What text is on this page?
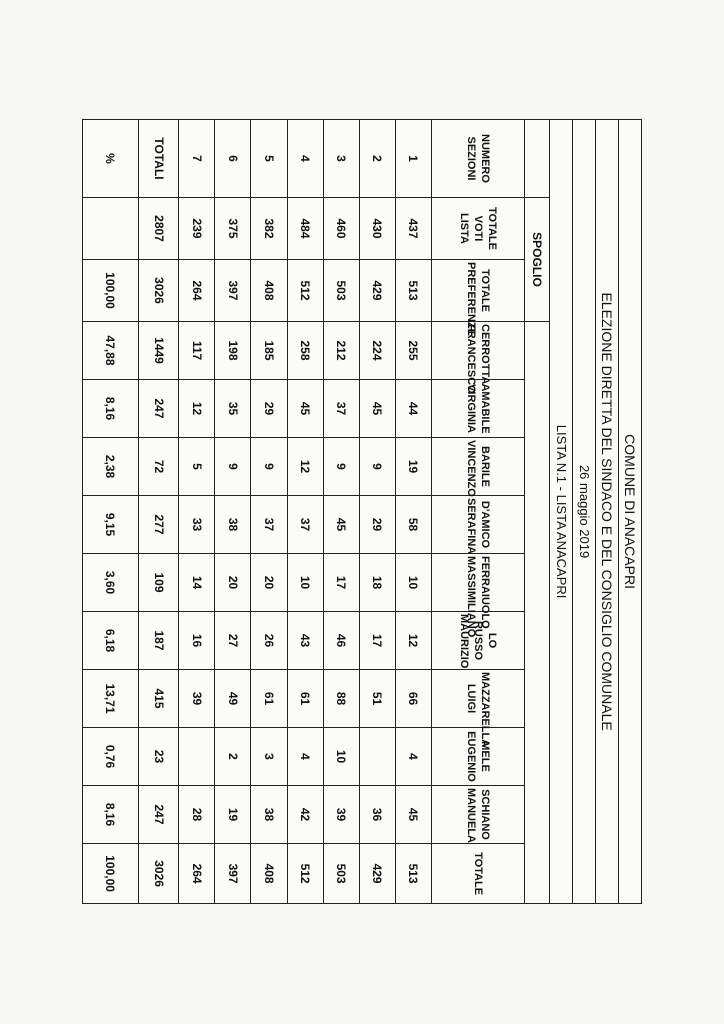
COMUNE DI ANACAPRI												
ELEZIONE DIRETTA DEL SINDACO E DEL CONSIGLIO COMUNALE												
26 maggio 2019												
LISTA N.1 - LISTA ANACAPRI												
	SPOGLIO											
NUMERO SEZIONI	TOTALE VOTI LISTA	TOTALE PREFERENZE	CERROTTA FRANCESCO	AMABILE VIRGINIA	BARILE VINCENZO	D'AMICO SERAFINA	FERRAIUOLO MASSIMILIANO	LO RUSSO MAURIZIO	MAZZARELLA LUIGI	MELE EUGENIO	SCHIANO MANUELA	TOTALE
1	437	513	255	44	19	58	10	12	66	4	45	513
2	430	429	224	45	9	29	18	17	51		36	429
3	460	503	212	37	9	45	17	46	88	10	39	503
4	484	512	258	45	12	37	10	43	61	4	42	512
5	382	408	185	29	9	37	20	26	61	3	38	408
6	375	397	198	35	9	38	20	27	49	2	19	397
7	239	264	117	12	5	33	14	16	39		28	264
TOTALI	2807	3026	1449	247	72	277	109	187	415	23	247	3026
%		100,00	47,88	8,16	2,38	9,15	3,60	6,18	13,71	0,76	8,16	100,00
